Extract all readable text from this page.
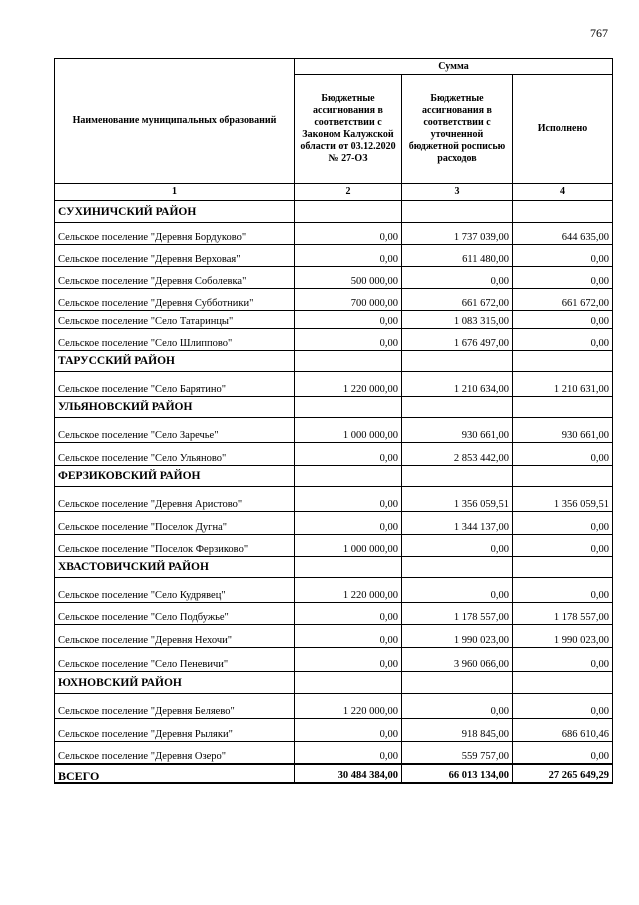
767
Наименование муниципальных образований	Сумма		
	Бюджетные ассигнования в соответствии с Законом Калужской области от 03.12.2020 № 27-ОЗ	Бюджетные ассигнования в соответствии с уточненной бюджетной росписью расходов	Исполнено
1	2	3	4
СУХИНИЧСКИЙ РАЙОН			
Сельское поселение "Деревня Бордуково"	0,00	1 737 039,00	644 635,00
Сельское поселение "Деревня Верховая"	0,00	611 480,00	0,00
Сельское поселение "Деревня Соболевка"	500 000,00	0,00	0,00
Сельское поселение "Деревня Субботники"	700 000,00	661 672,00	661 672,00
Сельское поселение "Село Татаринцы"	0,00	1 083 315,00	0,00
Сельское поселение "Село Шлиппово"	0,00	1 676 497,00	0,00
ТАРУССКИЙ РАЙОН			
Сельское поселение "Село Барятино"	1 220 000,00	1 210 634,00	1 210 631,00
УЛЬЯНОВСКИЙ РАЙОН			
Сельское поселение "Село Заречье"	1 000 000,00	930 661,00	930 661,00
Сельское поселение "Село Ульяново"	0,00	2 853 442,00	0,00
ФЕРЗИКОВСКИЙ РАЙОН			
Сельское поселение "Деревня Аристово"	0,00	1 356 059,51	1 356 059,51
Сельское поселение "Поселок Дугна"	0,00	1 344 137,00	0,00
Сельское поселение "Поселок Ферзиково"	1 000 000,00	0,00	0,00
ХВАСТОВИЧСКИЙ РАЙОН			
Сельское поселение "Село Кудрявец"	1 220 000,00	0,00	0,00
Сельское поселение "Село Подбужье"	0,00	1 178 557,00	1 178 557,00
Сельское поселение "Деревня Нехочи"	0,00	1 990 023,00	1 990 023,00
Сельское поселение "Село Пеневичи"	0,00	3 960 066,00	0,00
ЮХНОВСКИЙ РАЙОН			
Сельское поселение "Деревня Беляево"	1 220 000,00	0,00	0,00
Сельское поселение "Деревня Рыляки"	0,00	918 845,00	686 610,46
Сельское поселение "Деревня Озеро"	0,00	559 757,00	0,00
ВСЕГО	30 484 384,00	66 013 134,00	27 265 649,29
